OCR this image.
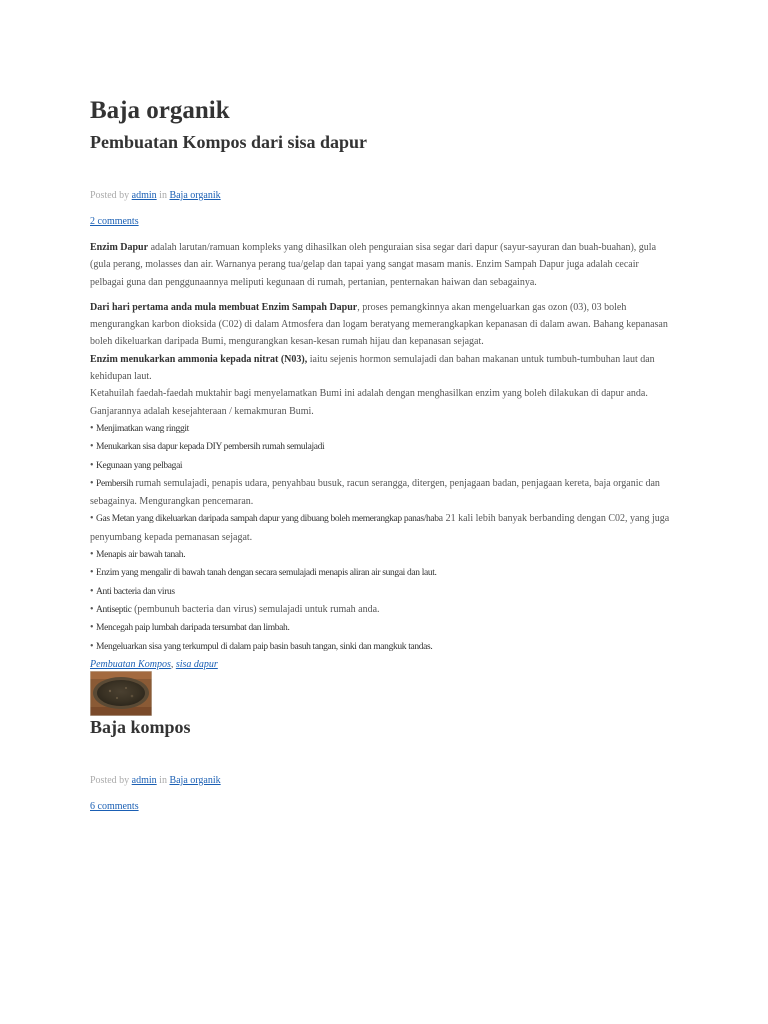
Baja organik
Pembuatan Kompos dari sisa dapur
Posted by admin in Baja organik
2 comments

Enzim Dapur adalah larutan/ramuan kompleks yang dihasilkan oleh penguraian sisa segar dari dapur (sayur-sayuran dan buah-buahan), gula (gula perang, molasses dan air. Warnanya perang tua/gelap dan tapai yang sangat masam manis. Enzim Sampah Dapur juga adalah cecair pelbagai guna dan penggunaannya meliputi kegunaan di rumah, pertanian, penternakan haiwan dan sebagainya.

Dari hari pertama anda mula membuat Enzim Sampah Dapur, proses pemangkinnya akan mengeluarkan gas ozon (03), 03 boleh mengurangkan karbon dioksida (C02) di dalam Atmosfera dan logam beratyang memerangkapkan kepanasan di dalam awan. Bahang kepanasan boleh dikeluarkan daripada Bumi, mengurangkan kesan-kesan rumah hijau dan kepanasan sejagat.

Enzim menukarkan ammonia kepada nitrat (N03), iaitu sejenis hormon semulajadi dan bahan makanan untuk tumbuh-tumbuhan laut dan kehidupan laut.

Ketahuilah faedah-faedah muktahir bagi menyelamatkan Bumi ini adalah dengan menghasilkan enzim yang boleh dilakukan di dapur anda. Ganjarannya adalah kesejahteraan / kemakmuran Bumi.

• Menjimatkan wang ringgit

• Menukarkan sisa dapur kepada DIY pembersih rumah semulajadi

• Kegunaan yang pelbagai

• Pembersih rumah semulajadi, penapis udara, penyahbau busuk, racun serangga, ditergen, penjagaan badan, penjagaan kereta, baja organic dan sebagainya. Mengurangkan pencemaran.

• Gas Metan yang dikeluarkan daripada sampah dapur yang dibuang boleh memerangkap panas/haba 21 kali lebih banyak berbanding dengan C02, yang juga penyumbang kepada pemanasan sejagat.

• Menapis air bawah tanah.

• Enzim yang mengalir di bawah tanah dengan secara semulajadi menapis aliran air sungai dan laut.

• Anti bacteria dan virus

• Antiseptic (pembunuh bacteria dan virus) semulajadi untuk rumah anda.

• Mencegah paip lumbah daripada tersumbat dan limbah.

• Mengeluarkan sisa yang terkumpul di dalam paip basin basuh tangan, sinki dan mangkuk tandas.

Pembuatan Kompos, sisa dapur
Baja kompos
Posted by admin in Baja organik
6 comments
